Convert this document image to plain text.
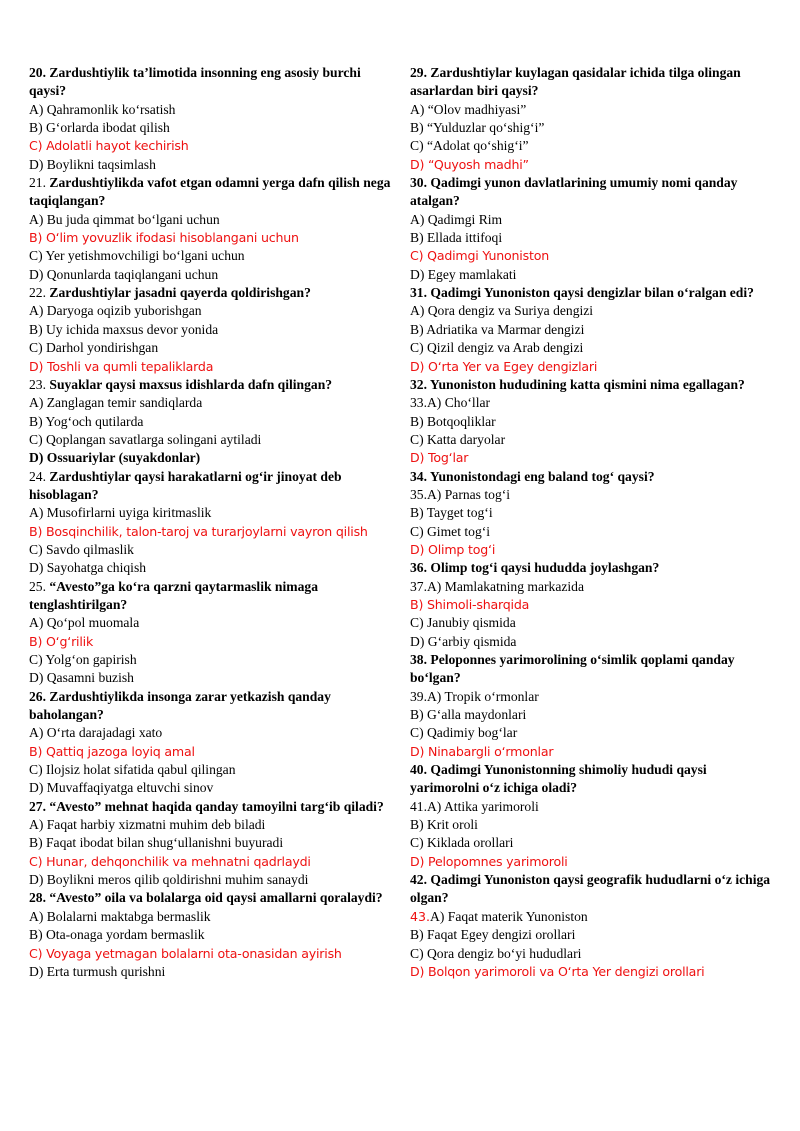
20. Zardushtiylik ta’limotida insonning eng asosiy burchi qaysi?
A) Qahramonlik ko‘rsatish
B) G‘orlarda ibodat qilish
C) Adolatli hayot kechirish
D) Boylikni taqsimlash
21. Zardushtiylikda vafot etgan odamni yerga dafn qilish nega taqiqlangan?
A) Bu juda qimmat bo‘lgani uchun
B) O‘lim yovuzlik ifodasi hisoblangani uchun
C) Yer yetishmovchiligi bo‘lgani uchun
D) Qonunlarda taqiqlangani uchun
22. Zardushtiylar jasadni qayerda qoldirishgan?
A) Daryoga oqizib yuborishgan
B) Uy ichida maxsus devor yonida
C) Darhol yondirishgan
D) Toshli va qumli tepaliklarda
23. Suyaklar qaysi maxsus idishlarda dafn qilingan?
A) Zanglagan temir sandiqlarda
B) Yog‘och qutilarda
C) Qoplangan savatlarga solingani aytiladi
D) Ossuariylar (suyakdonlar)
24. Zardushtiylar qaysi harakatlarni og‘ir jinoyat deb hisoblagan?
A) Musofirlarni uyiga kiritmaslik
B) Bosqinchilik, talon-taroj va turarjoylarni vayron qilish
C) Savdo qilmaslik
D) Sayohatga chiqish
25. “Avesto”ga ko‘ra qarzni qaytarmaslik nimaga tenglashtirilgan?
A) Qo‘pol muomala
B) O‘g‘rilik
C) Yolg‘on gapirish
D) Qasamni buzish
26. Zardushtiylikda insonga zarar yetkazish qanday baholangan?
A) O‘rta darajadagi xato
B) Qattiq jazoga loyiq amal
C) Ilojsiz holat sifatida qabul qilingan
D) Muvaffaqiyatga eltuvchi sinov
27. “Avesto” mehnat haqida qanday tamoyilni targ‘ib qiladi?
A) Faqat harbiy xizmatni muhim deb biladi
B) Faqat ibodat bilan shug‘ullanishni buyuradi
C) Hunar, dehqonchilik va mehnatni qadrlaydi
D) Boylikni meros qilib qoldirishni muhim sanaydi
28. “Avesto” oila va bolalarga oid qaysi amallarni qoralaydi?
A) Bolalarni maktabga bermaslik
B) Ota-onaga yordam bermaslik
C) Voyaga yetmagan bolalarni ota-onasidan ayirish
D) Erta turmush qurishni
29. Zardushtiylar kuylagan qasidalar ichida tilga olingan asarlardan biri qaysi?
A) “Olov madhiyasi”
B) “Yulduzlar qo‘shig‘i”
C) “Adolat qo‘shig‘i”
D) “Quyosh madhi”
30. Qadimgi yunon davlatlarining umumiy nomi qanday atalgan?
A) Qadimgi Rim
B) Ellada ittifoqi
C) Qadimgi Yunoniston
D) Egey mamlakati
31. Qadimgi Yunoniston qaysi dengizlar bilan o‘ralgan edi?
A) Qora dengiz va Suriya dengizi
B) Adriatika va Marmar dengizi
C) Qizil dengiz va Arab dengizi
D) O‘rta Yer va Egey dengizlari
32. Yunoniston hududining katta qismini nima egallagan?
33.A) Cho‘llar
B) Botqoqliklar
C) Katta daryolar
D) Tog‘lar
34. Yunonistondagi eng baland tog‘ qaysi?
35.A) Parnas tog‘i
B) Tayget tog‘i
C) Gimet tog‘i
D) Olimp tog‘i
36. Olimp tog‘i qaysi hududda joylashgan?
37.A) Mamlakatning markazida
B) Shimoli-sharqida
C) Janubiy qismida
D) G‘arbiy qismida
38. Peloponnes yarimorolining o‘simlik qoplami qanday bo‘lgan?
39.A) Tropik o‘rmonlar
B) G‘alla maydonlari
C) Qadimiy bog‘lar
D) Ninabargli o‘rmonlar
40. Qadimgi Yunonistonning shimoliy hududi qaysi yarimorolni o‘z ichiga oladi?
41.A) Attika yarimoroli
B) Krit oroli
C) Kiklada orollari
D) Pelopomnes yarimoroli
42. Qadimgi Yunoniston qaysi geografik hududlarni o‘z ichiga olgan?
43.A) Faqat materik Yunoniston
B) Faqat Egey dengizi orollari
C) Qora dengiz bo‘yi hududlari
D) Bolqon yarimoroli va O‘rta Yer dengizi orollari
